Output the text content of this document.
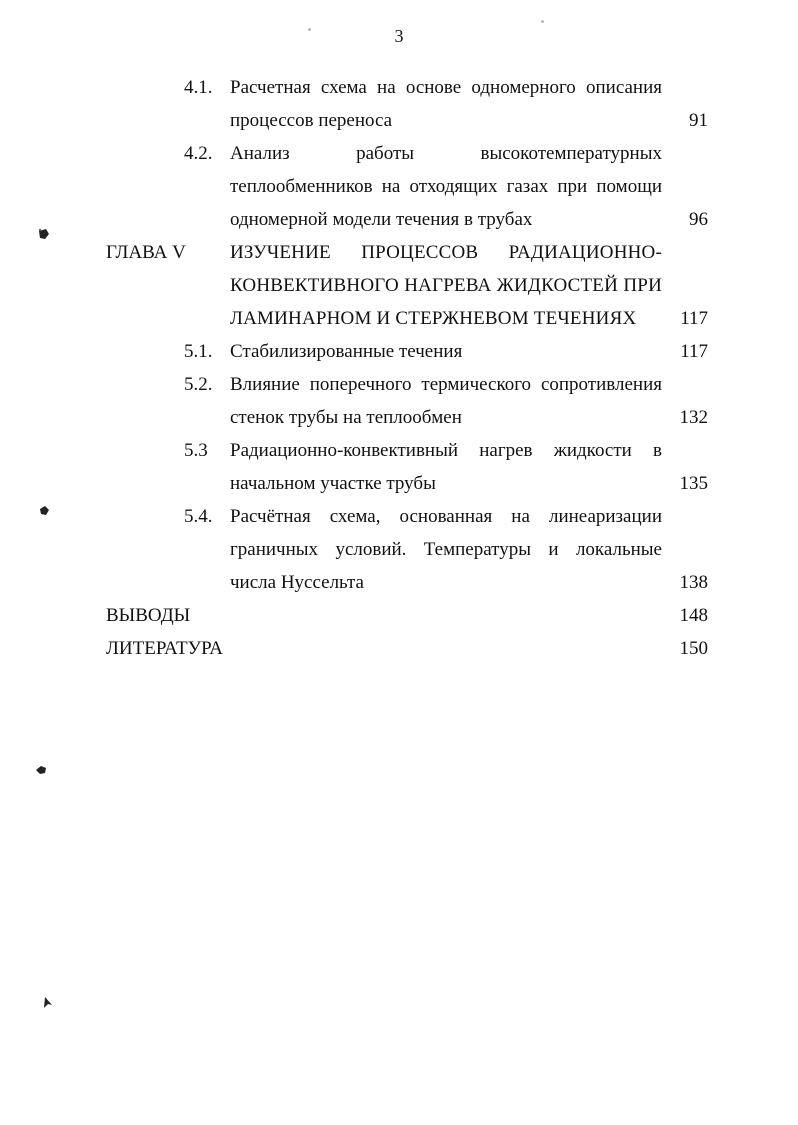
3
4.1. Расчетная схема на основе одномерного описания
процессов переноса	91
4.2. Анализ работы высокотемпературных
теплообменников на отходящих газах при помощи
одномерной модели течения в трубах	96
ГЛАВА V	ИЗУЧЕНИЕ ПРОЦЕССОВ РАДИАЦИОННО-
КОНВЕКТИВНОГО НАГРЕВА ЖИДКОСТЕЙ ПРИ
ЛАМИНАРНОМ И СТЕРЖНЕВОМ ТЕЧЕНИЯХ 117
5.1. Стабилизированные течения	117
5.2. Влияние поперечного термического сопротивления
стенок трубы на теплообмен	132
5.3	Радиационно-конвективный нагрев жидкости в
начальном участке трубы	135
5.4. Расчётная схема, основанная на линеаризации
граничных условий. Температуры и локальные
числа Нуссельта	138
ВЫВОДЫ	148
ЛИТЕРАТУРА	150
